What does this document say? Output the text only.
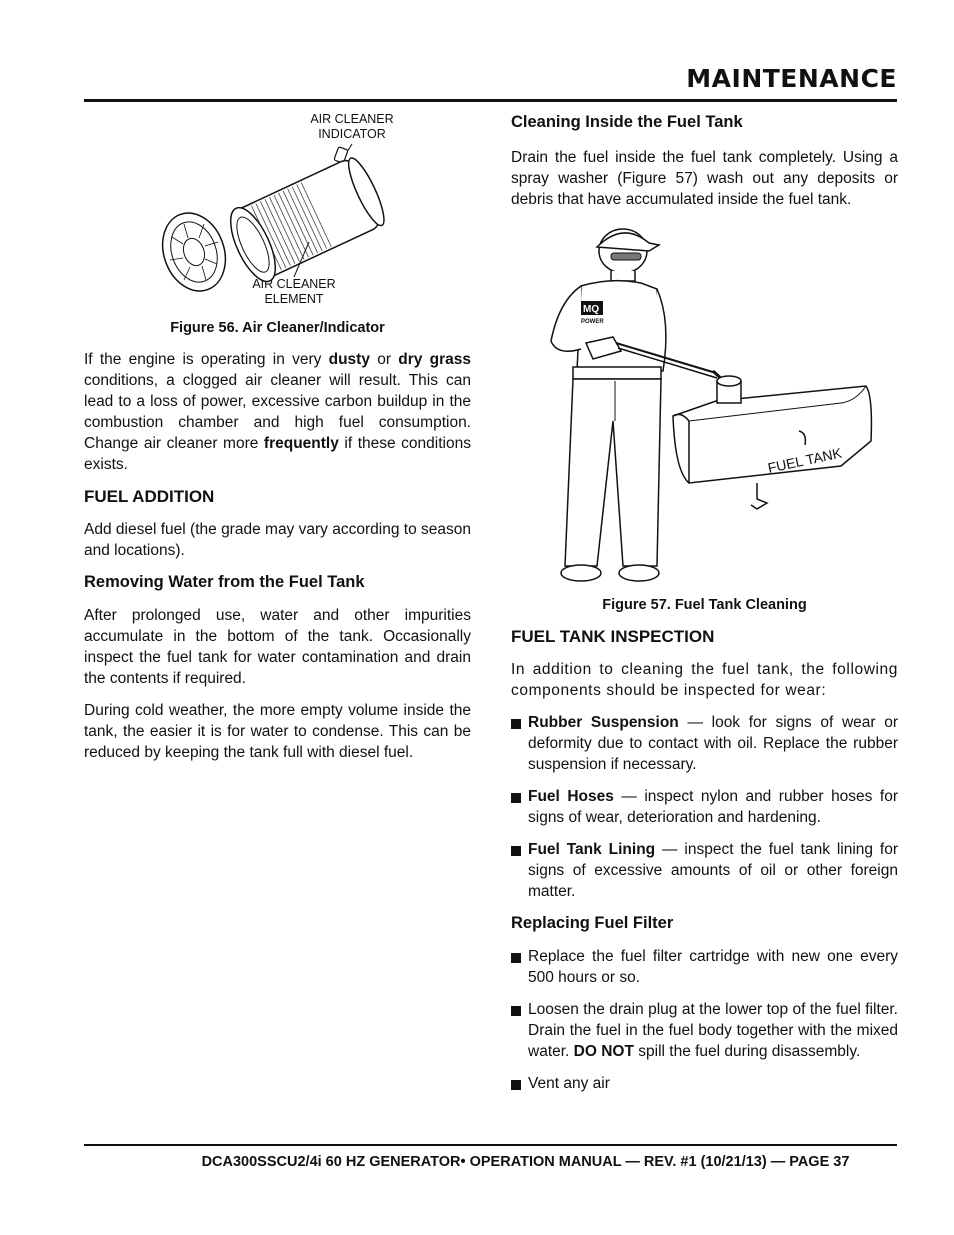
MAINTENANCE
AIR CLEANER
INDICATOR
AIR CLEANER
ELEMENT
Figure 56. Air Cleaner/Indicator

If the engine is operating in very dusty or dry grass conditions, a clogged air cleaner will result. This can lead to a loss of power, excessive carbon buildup in the combustion chamber and high fuel consumption. Change air cleaner more frequently if these conditions exists.

FUEL ADDITION

Add diesel fuel (the grade may vary according to season and locations).

Removing Water from the Fuel Tank

After prolonged use, water and other impurities accumulate in the bottom of the tank. Occasionally inspect the fuel tank for water contamination and drain the contents if required.

During cold weather, the more empty volume inside the tank, the easier it is for water to condense. This can be reduced by keeping the tank full with diesel fuel.

Cleaning Inside the Fuel Tank

Drain the fuel inside the fuel tank completely. Using a spray washer (Figure 57) wash out any deposits or debris that have accumulated inside the fuel tank.

MQ
POWER
FUEL TANK
Figure 57. Fuel Tank Cleaning
FUEL TANK INSPECTION

In addition to cleaning the fuel tank, the following components should be inspected for wear:

Rubber Suspension — look for signs of wear or deformity due to contact with oil. Replace the rubber suspension if necessary.
Fuel Hoses — inspect nylon and rubber hoses for signs of wear, deterioration and hardening.
Fuel Tank Lining — inspect the fuel tank lining for signs of excessive amounts of oil or other foreign matter.
Replacing Fuel Filter
Replace the fuel filter cartridge with new one every 500 hours or so.
Loosen the drain plug at the lower top of the fuel filter. Drain the fuel in the fuel body together with the mixed water. DO NOT spill the fuel during disassembly.
Vent any air
DCA300SSCU2/4i 60 HZ GENERATOR• OPERATION MANUAL — REV. #1 (10/21/13) — PAGE 37
